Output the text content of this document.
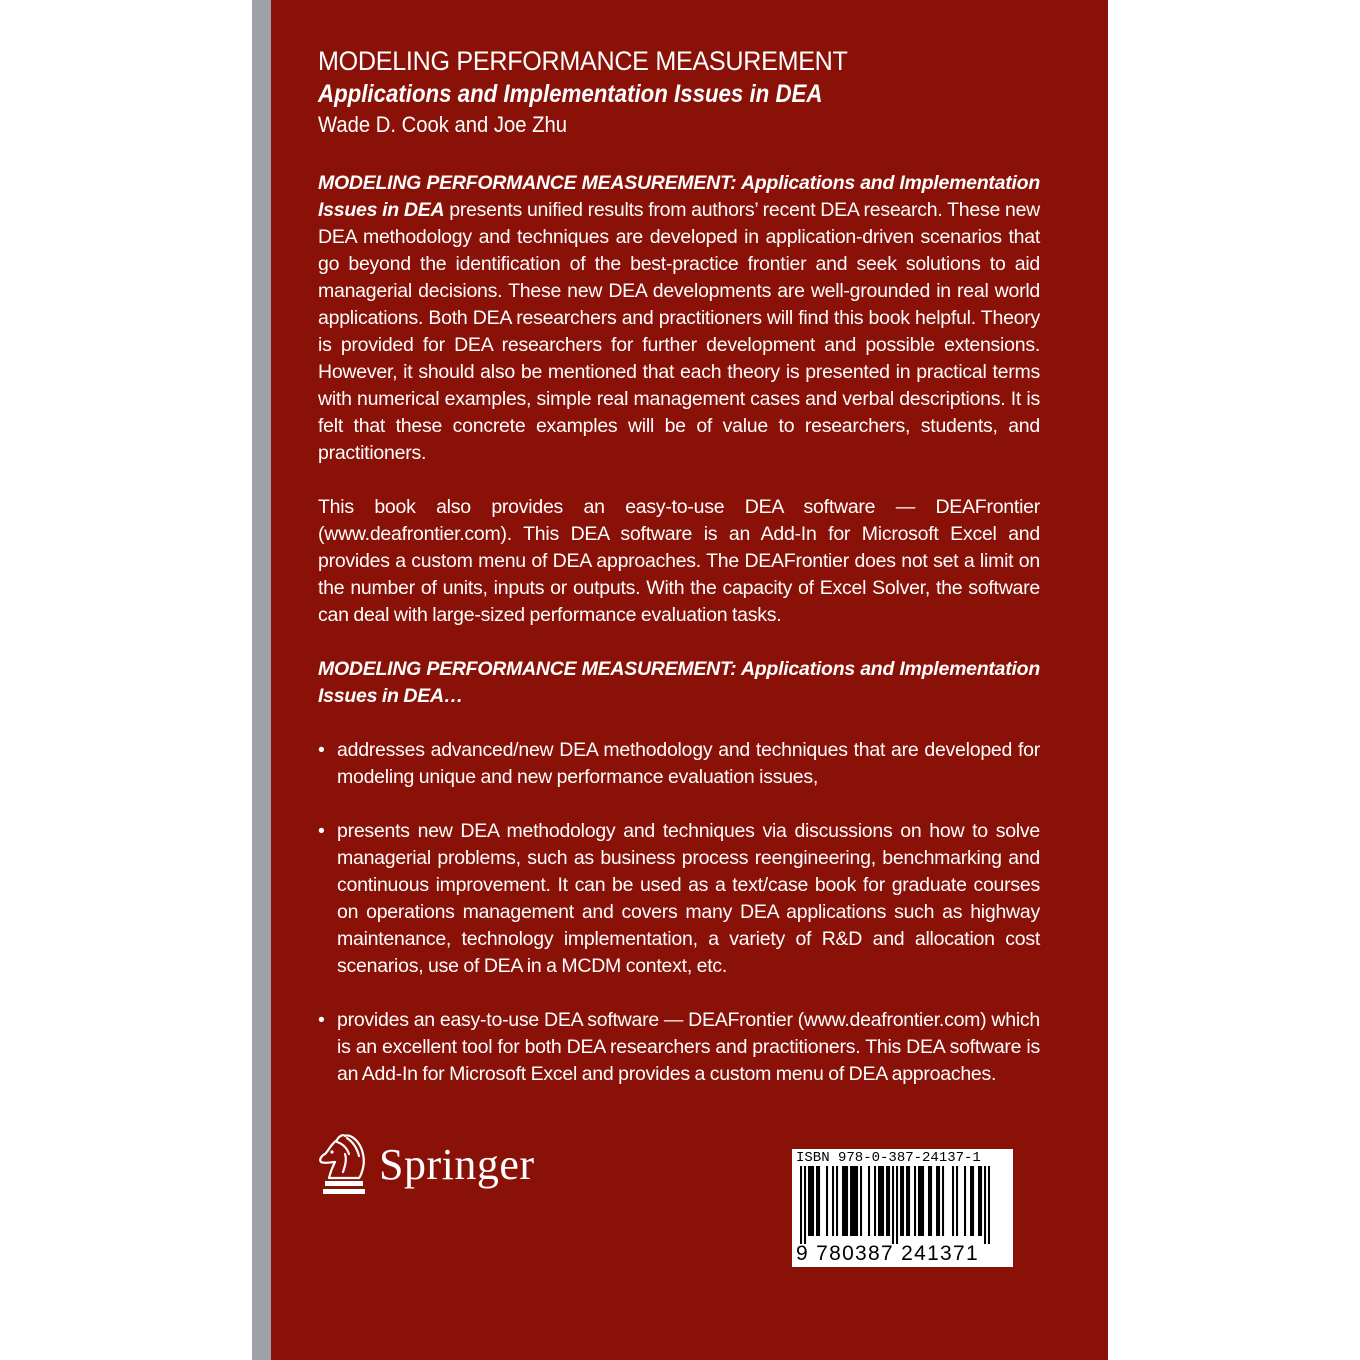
MODELING PERFORMANCE MEASUREMENT
Applications and Implementation Issues in DEA

Wade D. Cook and Joe Zhu

MODELING PERFORMANCE MEASUREMENT: Applications and Implementation Issues in DEA presents unified results from authors’ recent DEA research. These new DEA methodology and techniques are developed in application-driven scenarios that go beyond the identification of the best-practice frontier and seek solutions to aid managerial decisions. These new DEA developments are well-grounded in real world applications. Both DEA researchers and practitioners will find this book helpful. Theory is provided for DEA researchers for further development and possible extensions. However, it should also be mentioned that each theory is presented in practical terms with numerical examples, simple real management cases and verbal descriptions. It is felt that these concrete examples will be of value to researchers, students, and practitioners.

This book also provides an easy-to-use DEA software — DEAFrontier (www.deafrontier.com). This DEA software is an Add-In for Microsoft Excel and provides a custom menu of DEA approaches. The DEAFrontier does not set a limit on the number of units, inputs or outputs. With the capacity of Excel Solver, the software can deal with large-sized performance evaluation tasks.

MODELING PERFORMANCE MEASUREMENT: Applications and Implementation Issues in DEA…

• addresses advanced/new DEA methodology and techniques that are developed for modeling unique and new performance evaluation issues,
• presents new DEA methodology and techniques via discussions on how to solve managerial problems, such as business process reengineering, benchmarking and continuous improvement. It can be used as a text/case book for graduate courses on operations management and covers many DEA applications such as highway maintenance, technology implementation, a variety of R&D and allocation cost scenarios, use of DEA in a MCDM context, etc.
• provides an easy-to-use DEA software — DEAFrontier (www.deafrontier.com) which is an excellent tool for both DEA researchers and practitioners. This DEA software is an Add-In for Microsoft Excel and provides a custom menu of DEA approaches.
Springer	ISBN 978-0-387-24137-1
9 780387 241371
